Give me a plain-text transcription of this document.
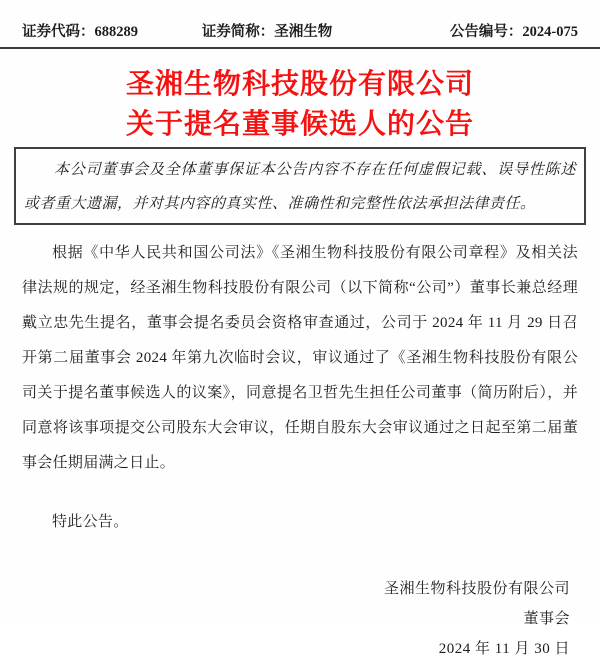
证券代码：688289	证券简称：圣湘生物	公告编号：2024-075
圣湘生物科技股份有限公司
关于提名董事候选人的公告
本公司董事会及全体董事保证本公告内容不存在任何虚假记载、误导性陈述或者重大遗漏，并对其内容的真实性、准确性和完整性依法承担法律责任。

根据《中华人民共和国公司法》《圣湘生物科技股份有限公司章程》及相关法律法规的规定，经圣湘生物科技股份有限公司（以下简称“公司”）董事长兼总经理戴立忠先生提名，董事会提名委员会资格审查通过，公司于 2024 年 11 月 29 日召开第二届董事会 2024 年第九次临时会议，审议通过了《圣湘生物科技股份有限公司关于提名董事候选人的议案》，同意提名卫哲先生担任公司董事（简历附后），并同意将该事项提交公司股东大会审议，任期自股东大会审议通过之日起至第二届董事会任期届满之日止。

特此公告。

圣湘生物科技股份有限公司
董事会
2024 年 11 月 30 日
